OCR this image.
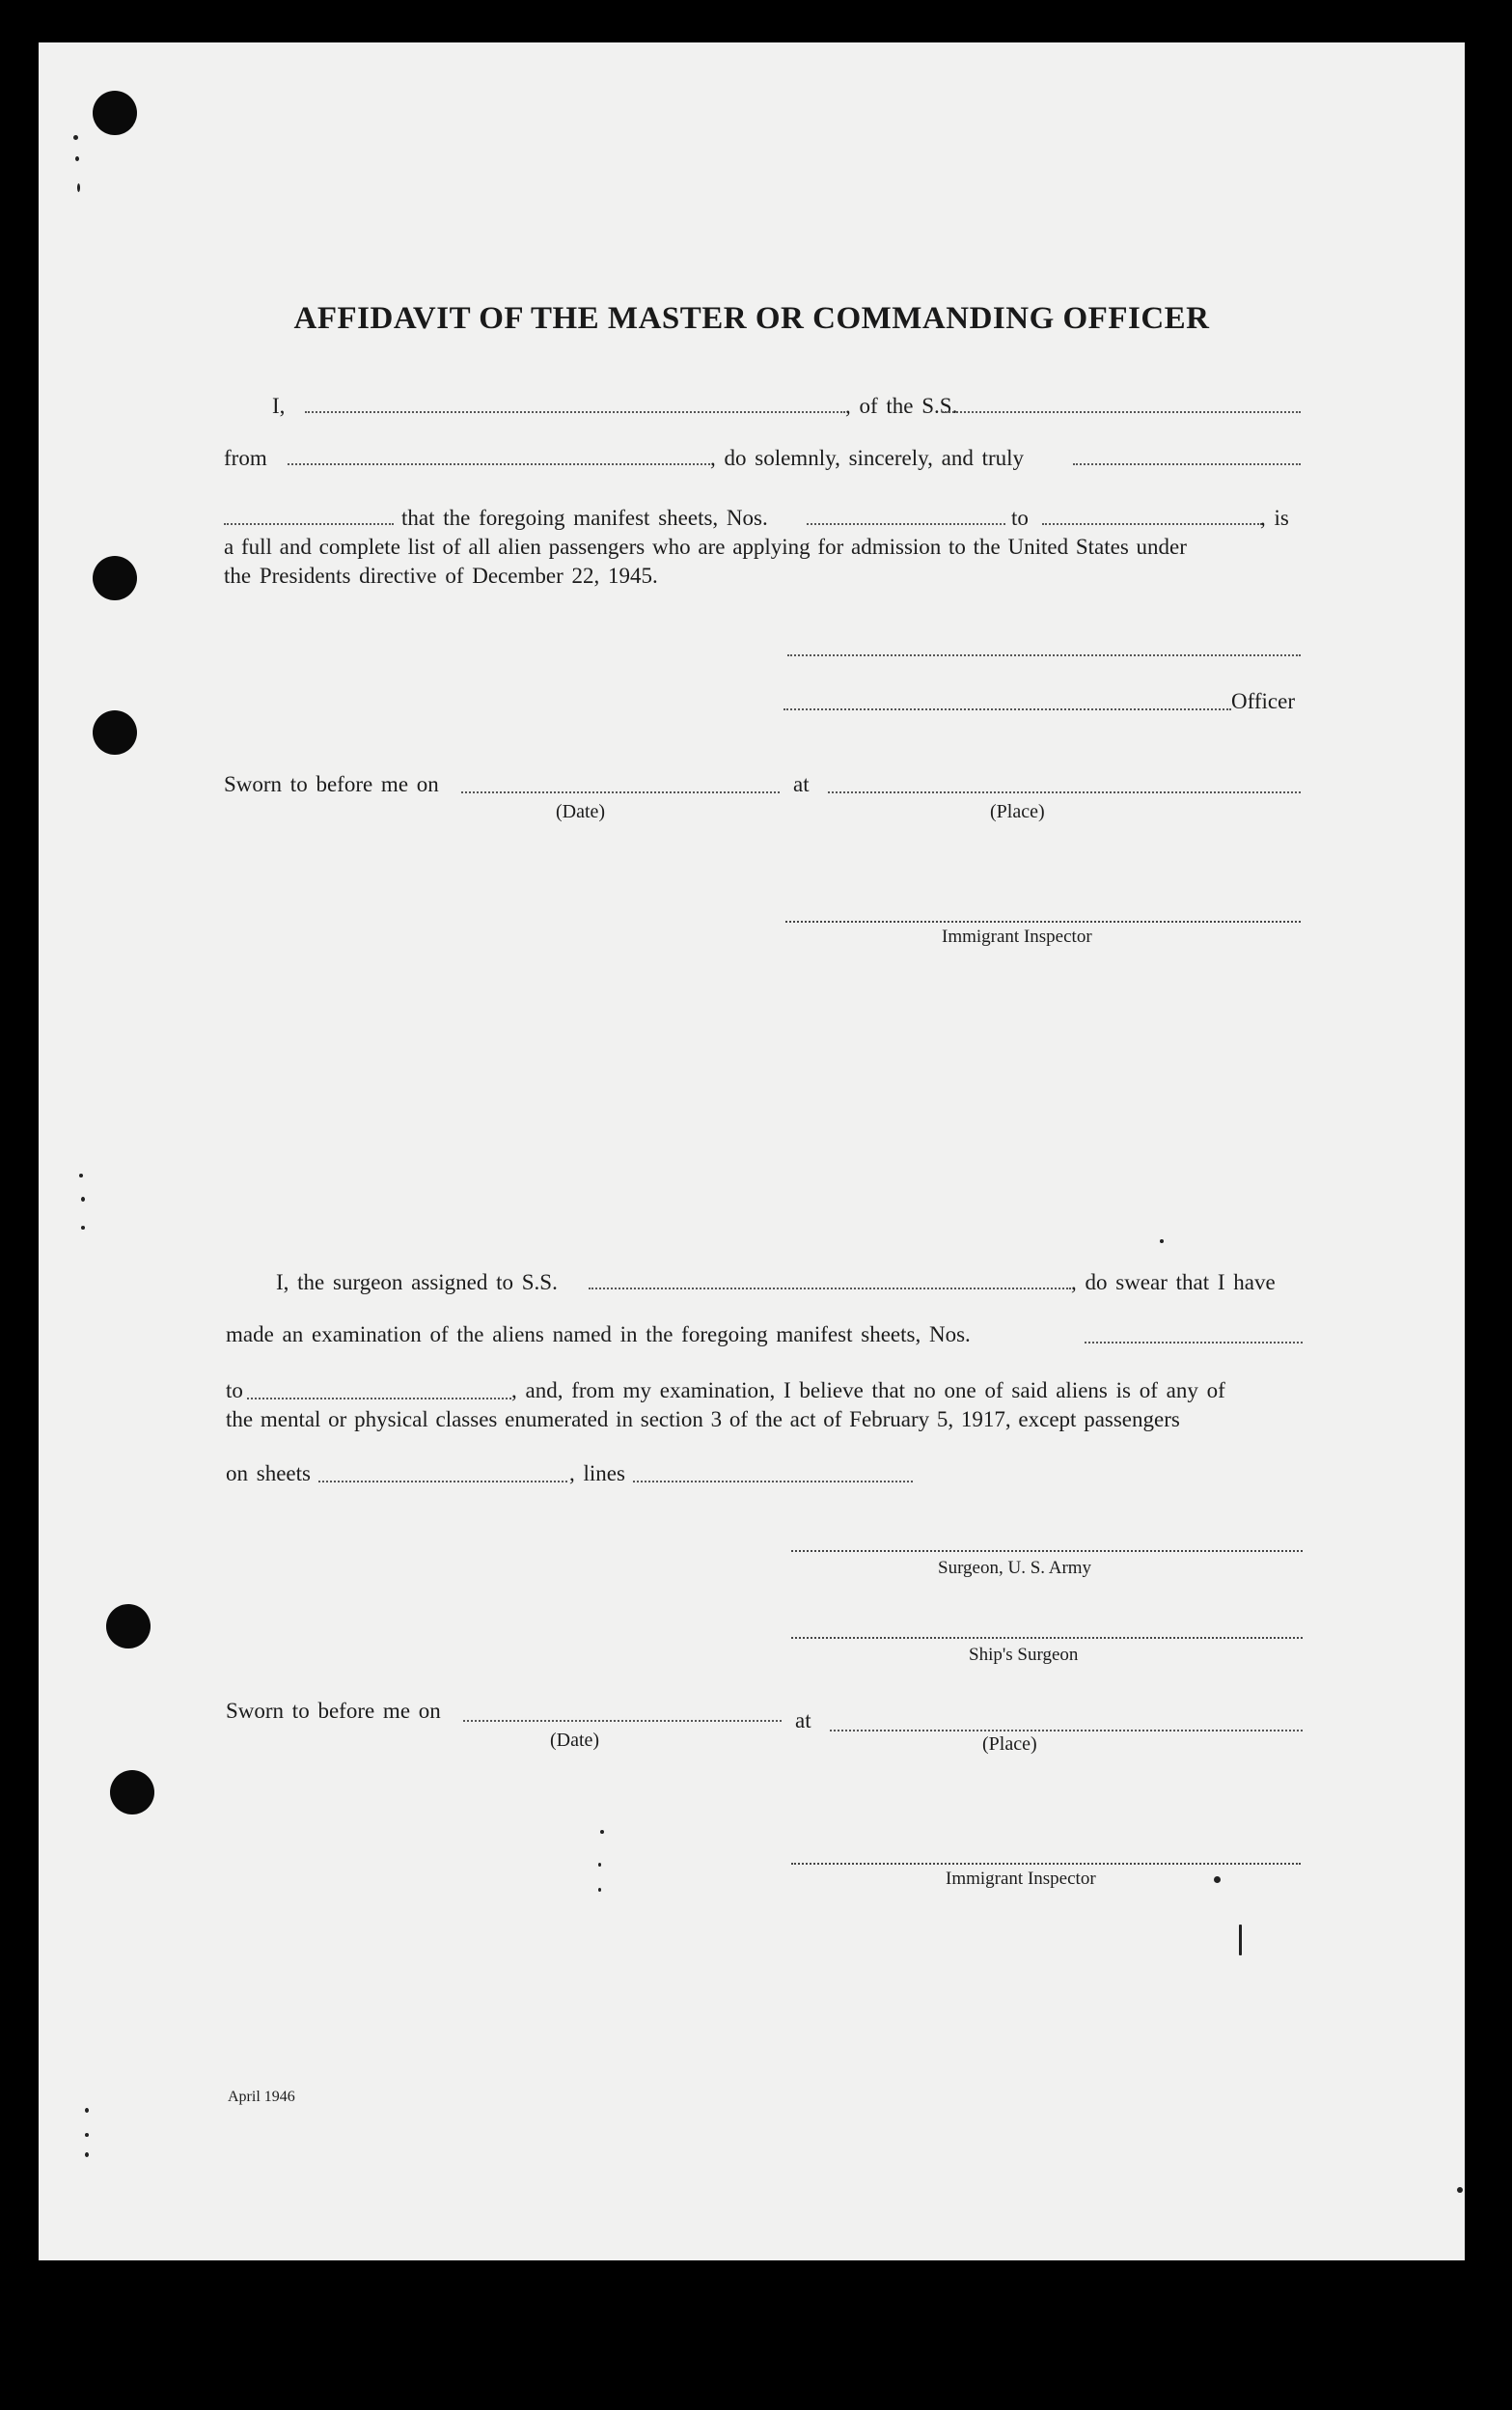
AFFIDAVIT OF THE MASTER OR COMMANDING OFFICER
I,	, of the S.S.
from	, do solemnly, sincerely, and truly
that the foregoing manifest sheets, Nos.	to	, is
a full and complete list of all alien passengers who are applying for admission to the United States under
the Presidents directive of December 22, 1945.
Officer
Sworn to before me on	at
(Date)	(Place)
Immigrant Inspector
I, the surgeon assigned to S.S.	, do swear that I have
made an examination of the aliens named in the foregoing manifest sheets, Nos.
to	, and, from my examination, I believe that no one of said aliens is of any of
the mental or physical classes enumerated in section 3 of the act of February 5, 1917, except passengers
on sheets	, lines
Surgeon, U. S. Army
Ship's Surgeon
Sworn to before me on	at
(Date)	(Place)
Immigrant Inspector
April 1946
